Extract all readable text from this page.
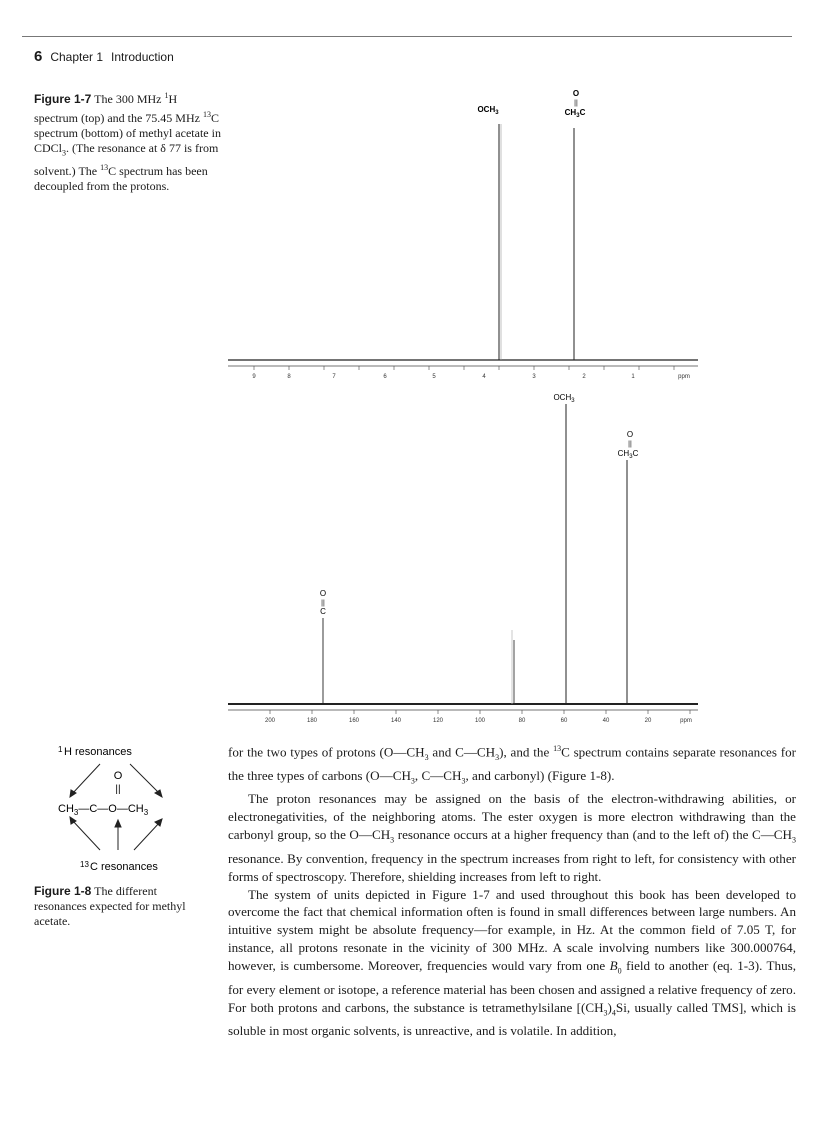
6 Chapter 1 Introduction
Figure 1-7 The 300 MHz $^1$H spectrum (top) and the 75.45 MHz $^{13}$C spectrum (bottom) of methyl acetate in CDCl$_3$. (The resonance at δ 77 is from solvent.) The $^{13}$C spectrum has been decoupled from the protons.
$OCH_3$
O
||
$CH_3C$
9	8	7	6	5	4	3	2	1	ppm
$OCH_3$
O
||
$CH_3C$
O
||
C
200	180	160	140	120	100	80	60	40	20	ppm
1 H resonances
O
||
$CH_3—C—O—CH_3$
13 C resonances
Figure 1-8 The different resonances expected for methyl acetate.

for the two types of protons ($O—CH_3$ and $C—CH_3$), and the $^{13}$C spectrum contains separate resonances for the three types of carbons ($O—CH_3$, $C—CH_3$, and carbonyl) (Figure 1-8).

The proton resonances may be assigned on the basis of the electron-withdrawing abilities, or electronegativities, of the neighboring atoms. The ester oxygen is more electron withdrawing than the carbonyl group, so the $O—CH_3$ resonance occurs at a higher frequency than (and to the left of) the $C—CH_3$ resonance. By convention, frequency in the spectrum increases from right to left, for consistency with other forms of spectroscopy. Therefore, shielding increases from left to right.

The system of units depicted in Figure 1-7 and used throughout this book has been developed to overcome the fact that chemical information often is found in small differences between large numbers. An intuitive system might be absolute frequency—for example, in Hz. At the common field of 7.05 T, for instance, all protons resonate in the vicinity of 300 MHz. A scale involving numbers like 300.000764, however, is cumbersome. Moreover, frequencies would vary from one $B_0$ field to another (eq. 1-3). Thus, for every element or isotope, a reference material has been chosen and assigned a relative frequency of zero. For both protons and carbons, the substance is tetramethylsilane [$(CH_3)_4Si$, usually called TMS], which is soluble in most organic solvents, is unreactive, and is volatile. In addition,
